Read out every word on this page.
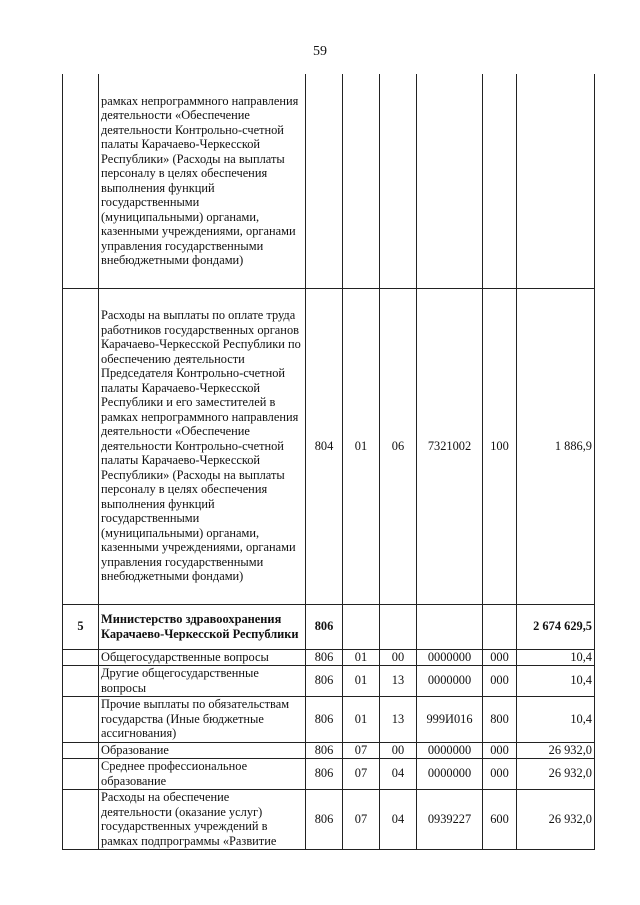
59
	рамках непрограммного направления деятельности «Обеспечение деятельности Контрольно-счетной палаты Карачаево-Черкесской Республики» (Расходы на выплаты персоналу в целях обеспечения выполнения функций государственными (муниципальными) органами, казенными учреждениями, органами управления государственными внебюджетными фондами)						
	Расходы на выплаты по оплате труда работников государственных органов Карачаево-Черкесской Республики по обеспечению деятельности Председателя Контрольно-счетной палаты Карачаево-Черкесской Республики и его заместителей в рамках непрограммного направления деятельности «Обеспечение деятельности Контрольно-счетной палаты Карачаево-Черкесской Республики» (Расходы на выплаты персоналу в целях обеспечения выполнения функций государственными (муниципальными) органами, казенными учреждениями, органами управления государственными внебюджетными фондами)	804	01	06	7321002	100	1 886,9
5	Министерство здравоохранения Карачаево-Черкесской Республики	806					2 674 629,5
	Общегосударственные вопросы	806	01	00	0000000	000	10,4
	Другие общегосударственные вопросы	806	01	13	0000000	000	10,4
	Прочие выплаты по обязательствам государства (Иные бюджетные ассигнования)	806	01	13	999И016	800	10,4
	Образование	806	07	00	0000000	000	26 932,0
	Среднее профессиональное образование	806	07	04	0000000	000	26 932,0
	Расходы на обеспечение деятельности (оказание услуг) государственных учреждений в рамках подпрограммы «Развитие	806	07	04	0939227	600	26 932,0
